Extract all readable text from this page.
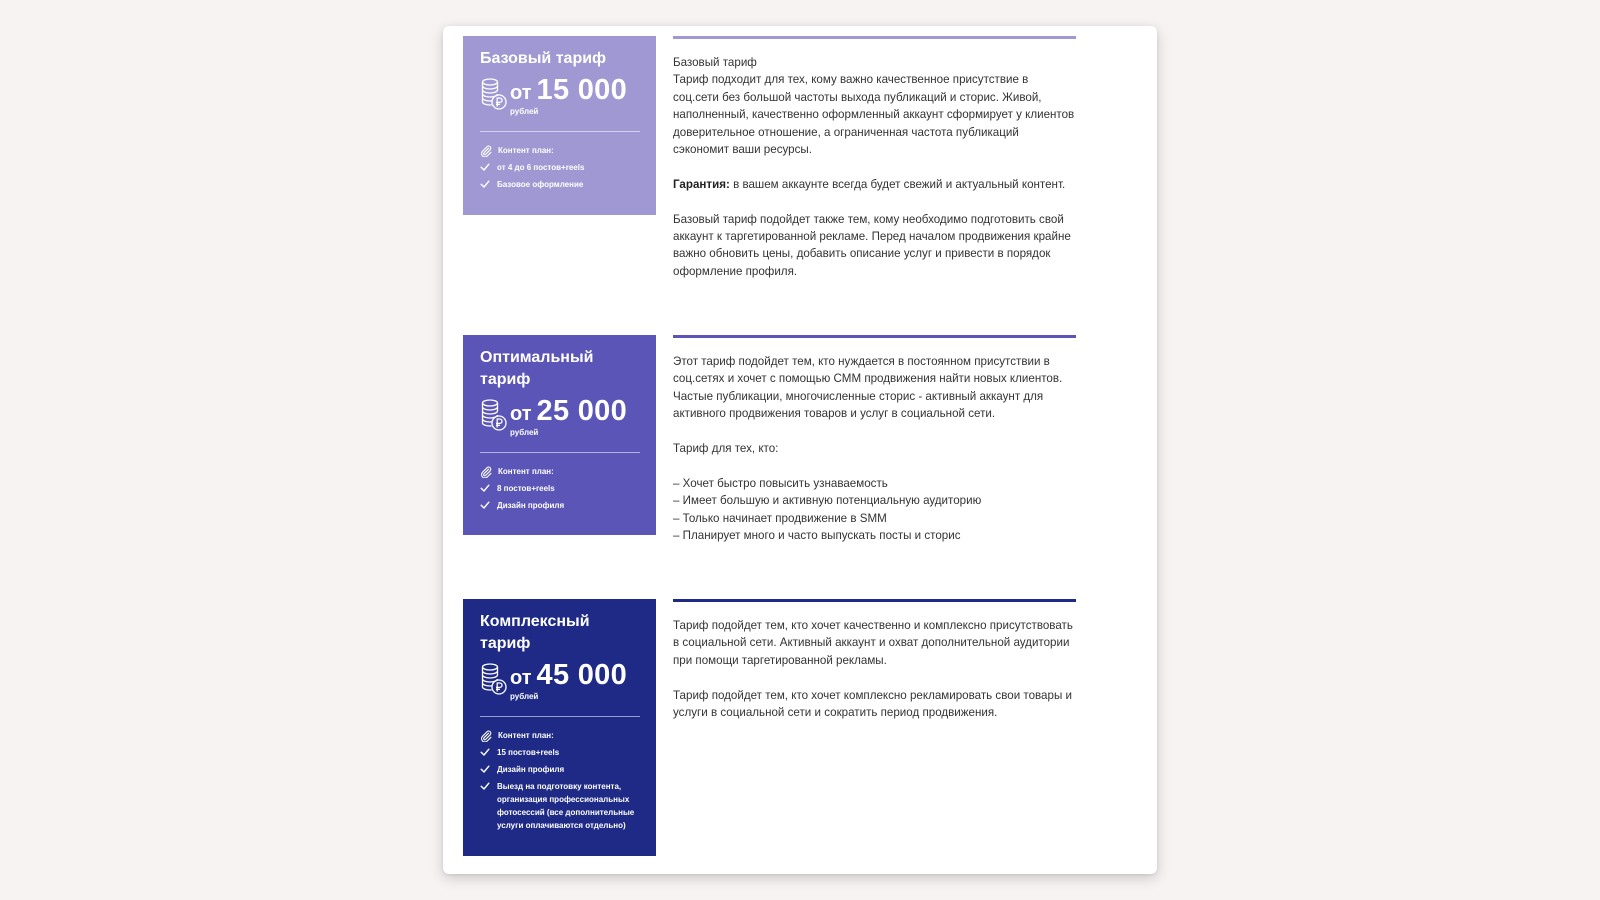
Базовый тариф
от 15 000
рублей
Контент план:
от 4 до 6 постов+reels
Базовое оформление

Базовый тариф

Тариф подходит для тех, кому важно качественное присутствие в соц.сети без большой частоты выхода публикаций и сторис. Живой, наполненный, качественно оформленный аккаунт сформирует у клиентов доверительное отношение, а ограниченная частота публикаций сэкономит ваши ресурсы.

Гарантия: в вашем аккаунте всегда будет свежий и актуальный контент.

Базовый тариф подойдет также тем, кому необходимо подготовить свой аккаунт к таргетированной рекламе. Перед началом продвижения крайне важно обновить цены, добавить описание услуг и привести в порядок оформление профиля.

Оптимальный тариф
от 25 000
рублей
Контент план:
8 постов+reels
Дизайн профиля

Этот тариф подойдет тем, кто нуждается в постоянном присутствии в соц.сетях и хочет с помощью СММ продвижения найти новых клиентов. Частые публикации, многочисленные сторис - активный аккаунт для активного продвижения товаров и услуг в социальной сети.

Тариф для тех, кто:

– Хочет быстро повысить узнаваемость
– Имеет большую и активную потенциальную аудиторию
– Только начинает продвижение в SMM
– Планирует много и часто выпускать посты и сторис
Комплексный тариф
от 45 000
рублей
Контент план:
15 постов+reels
Дизайн профиля
Выезд на подготовку контента, организация профессиональных фотосессий (все дополнительные услуги оплачиваются отдельно)

Тариф подойдет тем, кто хочет качественно и комплексно присутствовать в социальной сети. Активный аккаунт и охват дополнительной аудитории при помощи таргетированной рекламы.

Тариф подойдет тем, кто хочет комплексно рекламировать свои товары и услуги в социальной сети и сократить период продвижения.
